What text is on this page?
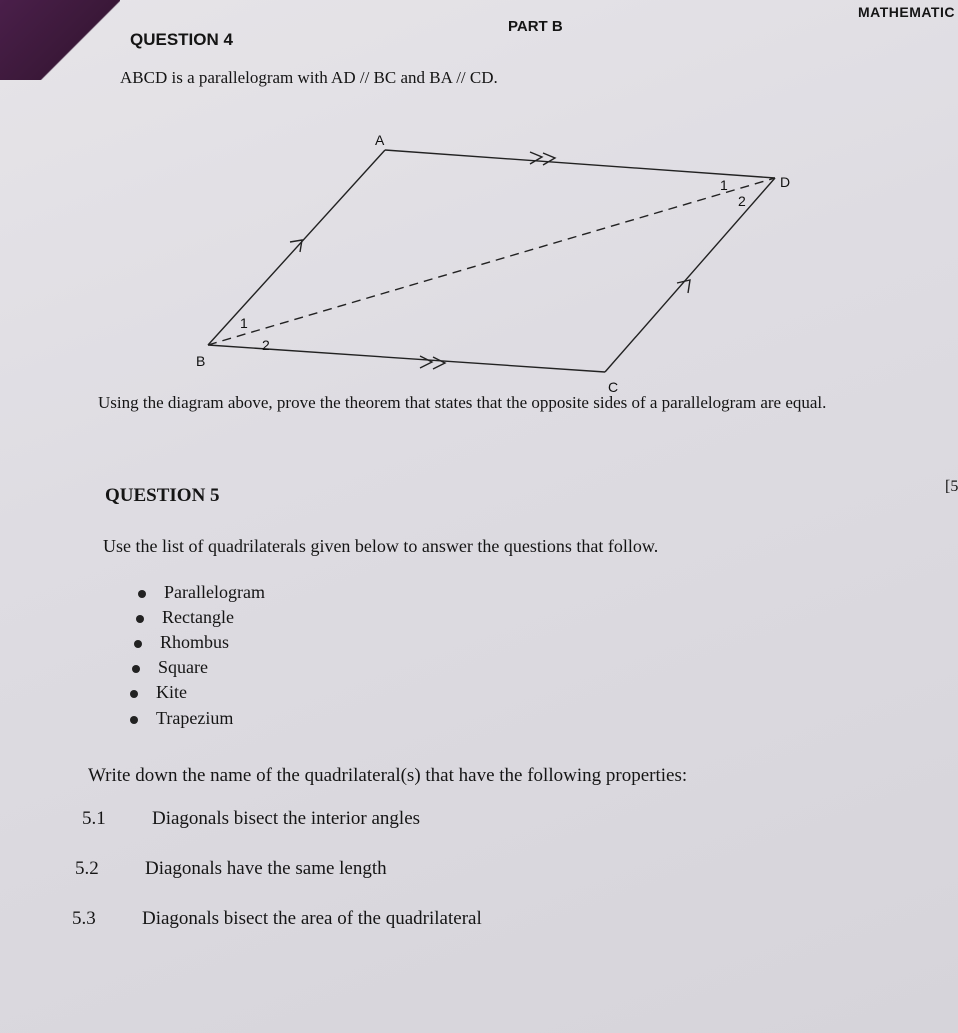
MATHEMATIC
PART B
QUESTION 4
ABCD is a parallelogram with AD // BC and BA // CD.
A
B
C
D
1
2
1
2
Using the diagram above, prove the theorem that states that the opposite sides of a parallelogram are equal.
[5
QUESTION 5
Use the list of quadrilaterals given below to answer the questions that follow.
Parallelogram
Rectangle
Rhombus
Square
Kite
Trapezium
Write down the name of the quadrilateral(s) that have the following properties:
5.1 Diagonals bisect the interior angles
5.2 Diagonals have the same length
5.3 Diagonals bisect the area of the quadrilateral
